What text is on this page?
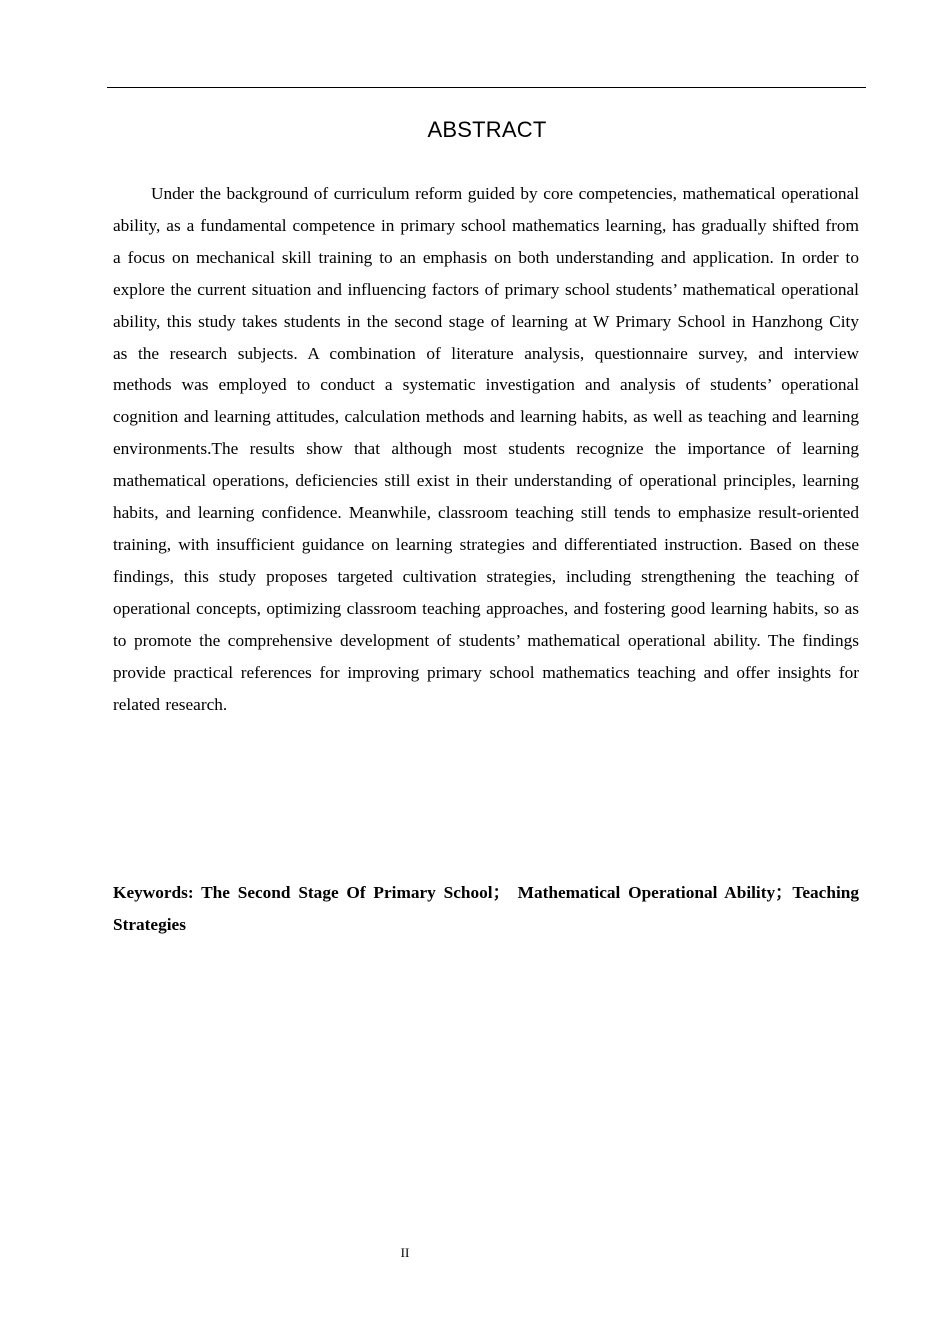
ABSTRACT

Under the background of curriculum reform guided by core competencies, mathematical operational ability, as a fundamental competence in primary school mathematics learning, has gradually shifted from a focus on mechanical skill training to an emphasis on both understanding and application. In order to explore the current situation and influencing factors of primary school students’ mathematical operational ability, this study takes students in the second stage of learning at W Primary School in Hanzhong City as the research subjects. A combination of literature analysis, questionnaire survey, and interview methods was employed to conduct a systematic investigation and analysis of students’ operational cognition and learning attitudes, calculation methods and learning habits, as well as teaching and learning environments.The results show that although most students recognize the importance of learning mathematical operations, deficiencies still exist in their understanding of operational principles, learning habits, and learning confidence. Meanwhile, classroom teaching still tends to emphasize result-oriented training, with insufficient guidance on learning strategies and differentiated instruction. Based on these findings, this study proposes targeted cultivation strategies, including strengthening the teaching of operational concepts, optimizing classroom teaching approaches, and fostering good learning habits, so as to promote the comprehensive development of students’ mathematical operational ability. The findings provide practical references for improving primary school mathematics teaching and offer insights for related research.

Keywords: The Second Stage Of Primary School； Mathematical Operational Ability；Teaching Strategies

II
